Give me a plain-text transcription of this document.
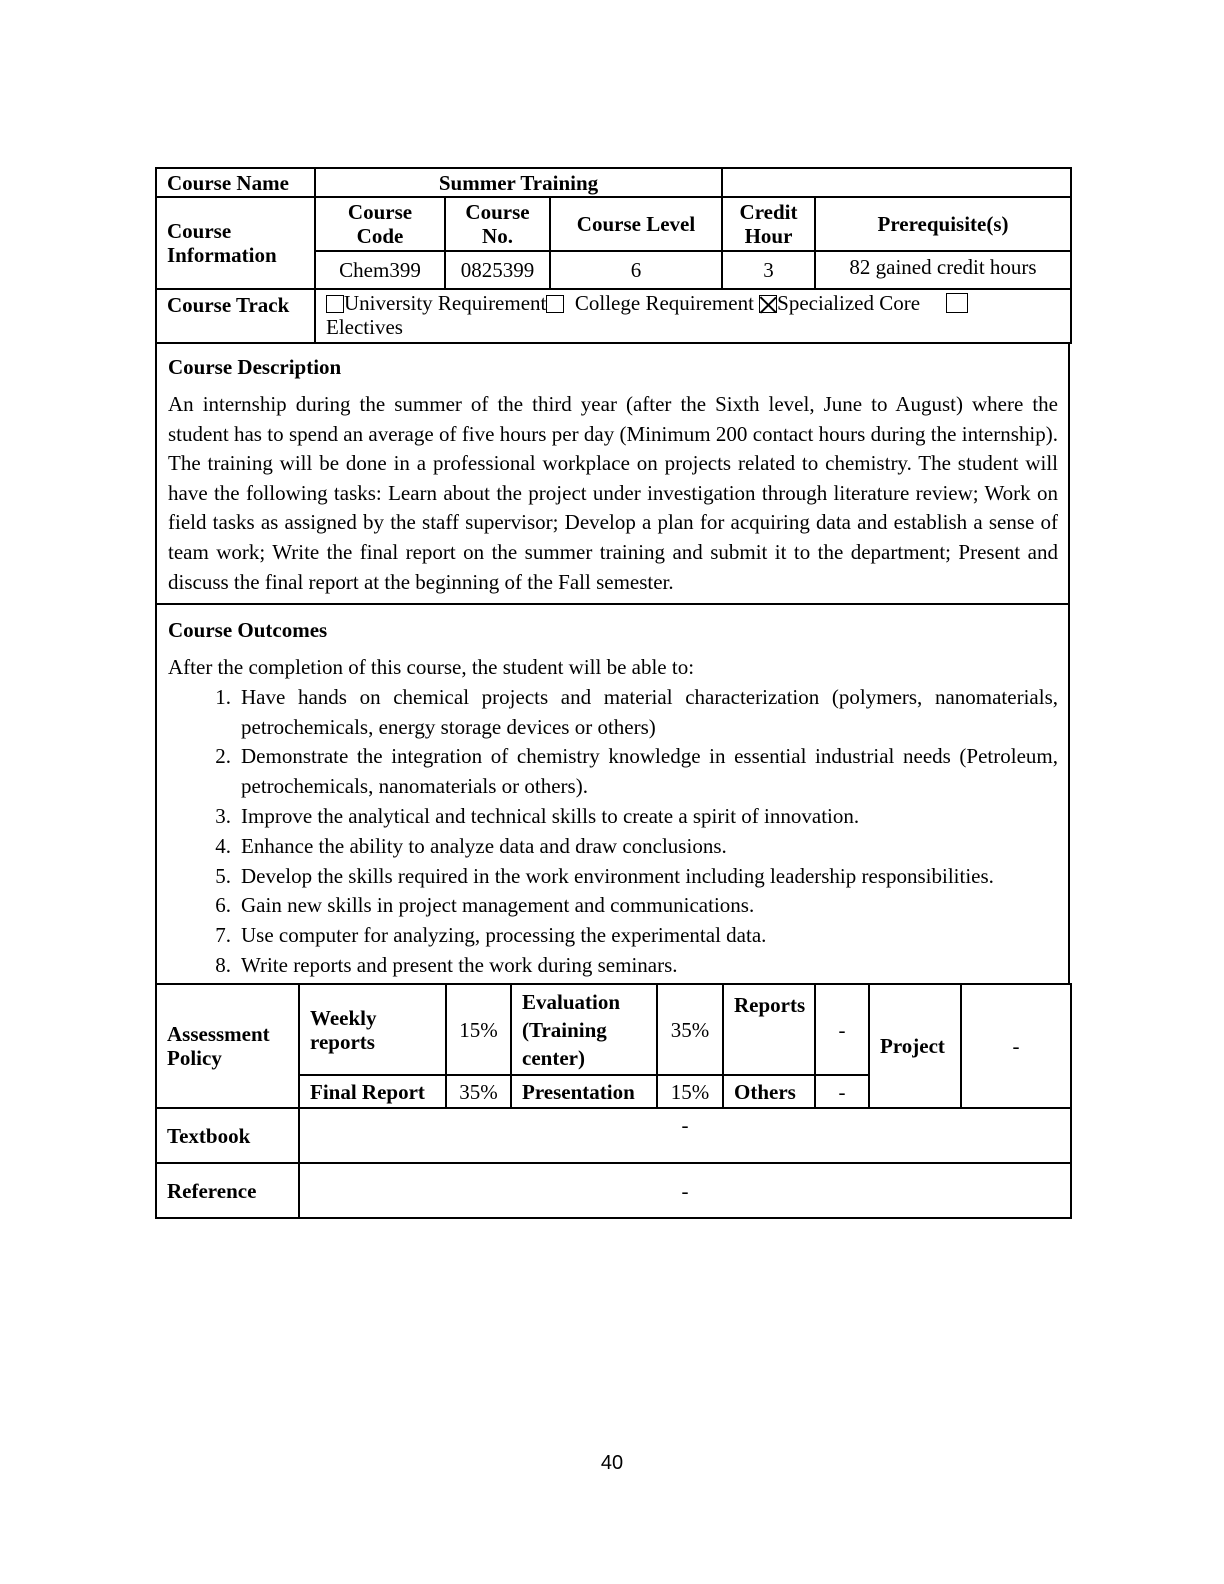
Course Name	Summer Training				
Course Information	Course Code	Course No.	Course Level	Credit Hour	Prerequisite(s)
	Chem399	0825399	6	3	82 gained credit hours
Course Track	University Requirement College Requirement Specialized Core
Electives				
Course Description

An internship during the summer of the third year (after the Sixth level, June to August) where the student has to spend an average of five hours per day (Minimum 200 contact hours during the internship). The training will be done in a professional workplace on projects related to chemistry. The student will have the following tasks: Learn about the project under investigation through literature review; Work on field tasks as assigned by the staff supervisor; Develop a plan for acquiring data and establish a sense of team work; Write the final report on the summer training and submit it to the department; Present and discuss the final report at the beginning of the Fall semester.

Course Outcomes

After the completion of this course, the student will be able to:

1. Have hands on chemical projects and material characterization (polymers, nanomaterials, petrochemicals, energy storage devices or others)
2. Demonstrate the integration of chemistry knowledge in essential industrial needs (Petroleum, petrochemicals, nanomaterials or others).
3. Improve the analytical and technical skills to create a spirit of innovation.
4. Enhance the ability to analyze data and draw conclusions.
5. Develop the skills required in the work environment including leadership responsibilities.
6. Gain new skills in project management and communications.
7. Use computer for analyzing, processing the experimental data.
8. Write reports and present the work during seminars.
Assessment Policy	Weekly reports	15%	Evaluation (Training center)	35%	Reports	-	Project	-
	Final Report	35%	Presentation	15%	Others	-		
Textbook	-							
Reference	-							
40
